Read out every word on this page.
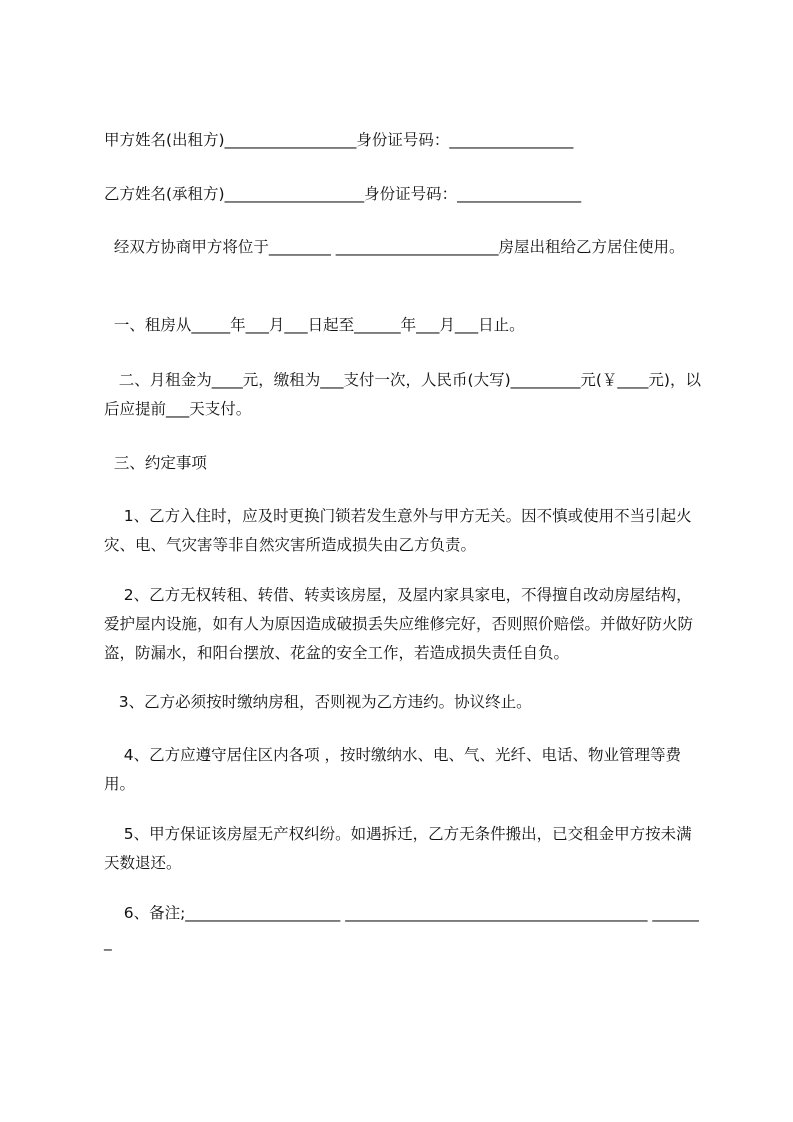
甲方姓名(出租方)_________________身份证号码：________________
乙方姓名(承租方)__________________身份证号码：________________
经双方协商甲方将位于________ _____________________房屋出租给乙方居住使用。
一、租房从_____年___月___日起至______年___月___日止。
二、月租金为____元，缴租为___支付一次，人民币(大写)_________元(￥____元)，以后应提前___天支付。
三、约定事项
1、乙方入住时，应及时更换门锁若发生意外与甲方无关。因不慎或使用不当引起火灾、电、气灾害等非自然灾害所造成损失由乙方负责。
2、乙方无权转租、转借、转卖该房屋，及屋内家具家电，不得擅自改动房屋结构，爱护屋内设施，如有人为原因造成破损丢失应维修完好，否则照价赔偿。并做好防火防盗，防漏水，和阳台摆放、花盆的安全工作，若造成损失责任自负。
3、乙方必须按时缴纳房租，否则视为乙方违约。协议终止。
4、乙方应遵守居住区内各项 ，按时缴纳水、电、气、光纤、电话、物业管理等费用。
5、甲方保证该房屋无产权纠纷。如遇拆迁，乙方无条件搬出，已交租金甲方按未满天数退还。
6、备注;____________________ _______________________________________ ______ _
